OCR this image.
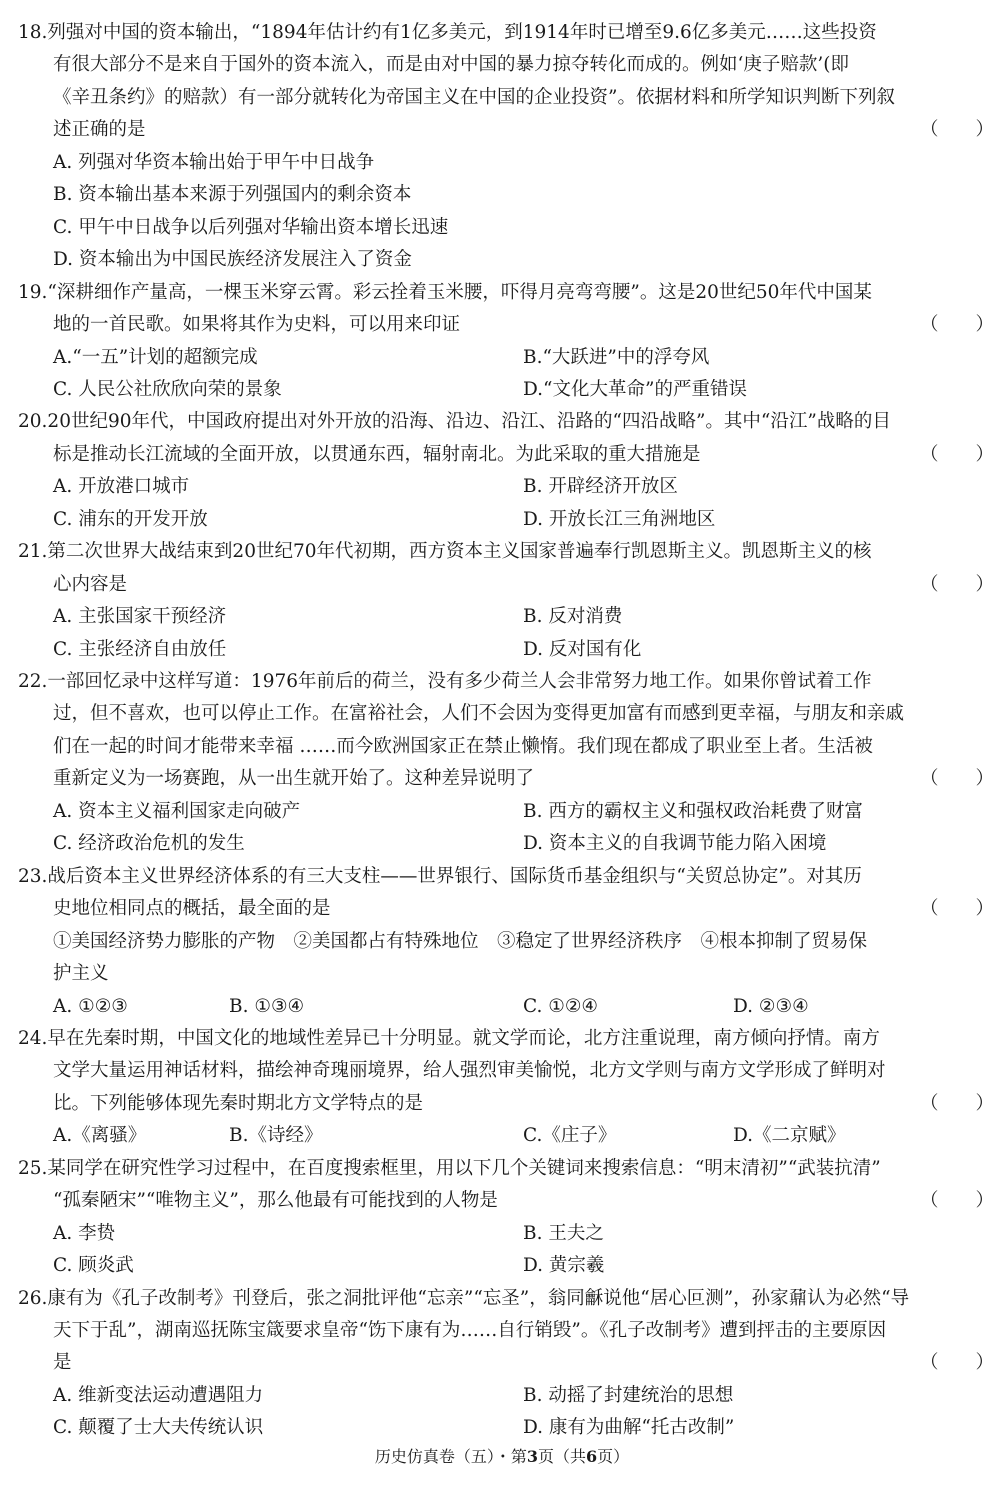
18.列强对中国的资本输出，“1894年估计约有1亿多美元，到1914年时已增至9.6亿多美元……这些投资
有很大部分不是来自于国外的资本流入，而是由对中国的暴力掠夺转化而成的。例如‘庚子赔款’(即
《辛丑条约》的赔款）有一部分就转化为帝国主义在中国的企业投资”。依据材料和所学知识判断下列叙
述正确的是	（　　）
A. 列强对华资本输出始于甲午中日战争
B. 资本输出基本来源于列强国内的剩余资本
C. 甲午中日战争以后列强对华输出资本增长迅速
D. 资本输出为中国民族经济发展注入了资金
19.“深耕细作产量高，一棵玉米穿云霄。彩云拴着玉米腰，吓得月亮弯弯腰”。这是20世纪50年代中国某
地的一首民歌。如果将其作为史料，可以用来印证	（　　）
A.“一五”计划的超额完成	B.“大跃进”中的浮夸风
C. 人民公社欣欣向荣的景象	D.“文化大革命”的严重错误
20.20世纪90年代，中国政府提出对外开放的沿海、沿边、沿江、沿路的“四沿战略”。其中“沿江”战略的目
标是推动长江流域的全面开放，以贯通东西，辐射南北。为此采取的重大措施是	（　　）
A. 开放港口城市	B. 开辟经济开放区
C. 浦东的开发开放	D. 开放长江三角洲地区
21.第二次世界大战结束到20世纪70年代初期，西方资本主义国家普遍奉行凯恩斯主义。凯恩斯主义的核
心内容是	（　　）
A. 主张国家干预经济	B. 反对消费
C. 主张经济自由放任	D. 反对国有化
22.一部回忆录中这样写道：1976年前后的荷兰，没有多少荷兰人会非常努力地工作。如果你曾试着工作
过，但不喜欢，也可以停止工作。在富裕社会，人们不会因为变得更加富有而感到更幸福，与朋友和亲戚
们在一起的时间才能带来幸福 ……而今欧洲国家正在禁止懒惰。我们现在都成了职业至上者。生活被
重新定义为一场赛跑，从一出生就开始了。这种差异说明了	（　　）
A. 资本主义福利国家走向破产	B. 西方的霸权主义和强权政治耗费了财富
C. 经济政治危机的发生	D. 资本主义的自我调节能力陷入困境
23.战后资本主义世界经济体系的有三大支柱——世界银行、国际货币基金组织与“关贸总协定”。对其历
史地位相同点的概括，最全面的是	（　　）
①美国经济势力膨胀的产物　②美国都占有特殊地位　③稳定了世界经济秩序　④根本抑制了贸易保
护主义
A. ①②③	B. ①③④	C. ①②④	D. ②③④
24.早在先秦时期，中国文化的地域性差异已十分明显。就文学而论，北方注重说理，南方倾向抒情。南方
文学大量运用神话材料，描绘神奇瑰丽境界，给人强烈审美愉悦，北方文学则与南方文学形成了鲜明对
比。下列能够体现先秦时期北方文学特点的是	（　　）
A.《离骚》	B.《诗经》	C.《庄子》	D.《二京赋》
25.某同学在研究性学习过程中，在百度搜索框里，用以下几个关键词来搜索信息：“明末清初”“武装抗清”
“孤秦陋宋”“唯物主义”，那么他最有可能找到的人物是	（　　）
A. 李贽	B. 王夫之
C. 顾炎武	D. 黄宗羲
26.康有为《孔子改制考》刊登后，张之洞批评他“忘亲”“忘圣”，翁同龢说他“居心叵测”，孙家鼐认为必然“导
天下于乱”，湖南巡抚陈宝箴要求皇帝“饬下康有为……自行销毁”。《孔子改制考》遭到抨击的主要原因
是	（　　）
A. 维新变法运动遭遇阻力	B. 动摇了封建统治的思想
C. 颠覆了士大夫传统认识	D. 康有为曲解“托古改制”
历史仿真卷（五）・第3页（共6页）
